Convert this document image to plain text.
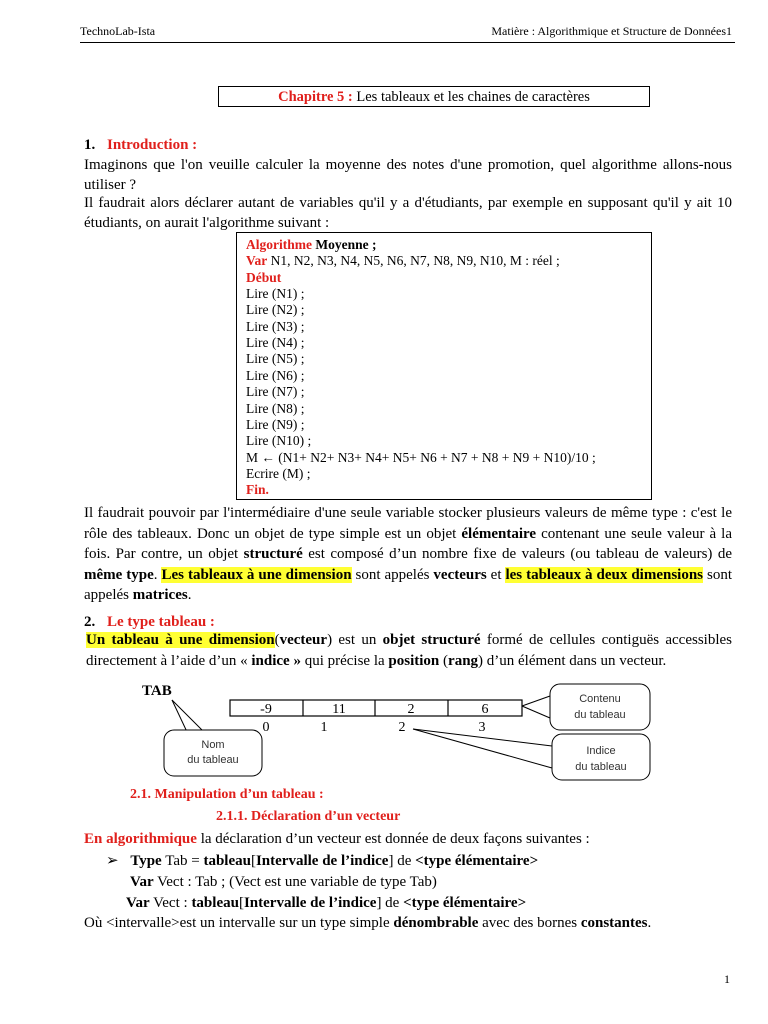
TechnoLab-Ista	Matière : Algorithmique et Structure de Données1
Chapitre 5 : Les tableaux et les chaines de caractères
1. Introduction :
Imaginons que l'on veuille calculer la moyenne des notes d'une promotion, quel algorithme allons-nous utiliser ?
Il faudrait alors déclarer autant de variables qu'il y a d'étudiants, par exemple en supposant qu'il y ait 10 étudiants, on aurait l'algorithme suivant :
Algorithme Moyenne ;
Var N1, N2, N3, N4, N5, N6, N7, N8, N9, N10, M : réel ;
Début
Lire (N1) ;
Lire (N2) ;
Lire (N3) ;
Lire (N4) ;
Lire (N5) ;
Lire (N6) ;
Lire (N7) ;
Lire (N8) ;
Lire (N9) ;
Lire (N10) ;
M ← (N1+ N2+ N3+ N4+ N5+ N6 + N7 + N8 + N9 + N10)/10 ;
Ecrire (M) ;
Fin.
Il faudrait pouvoir par l'intermédiaire d'une seule variable stocker plusieurs valeurs de même type : c'est le rôle des tableaux. Donc un objet de type simple est un objet élémentaire contenant une seule valeur à la fois. Par contre, un objet structuré est composé d’un nombre fixe de valeurs (ou tableau de valeurs) de même type. Les tableaux à une dimension sont appelés vecteurs et les tableaux à deux dimensions sont appelés matrices.
2. Le type tableau :
Un tableau à une dimension(vecteur) est un objet structuré formé de cellules contiguës accessibles directement à l’aide d’un « indice » qui précise la position (rang) d’un élément dans un vecteur.
TAB
-9	11	2	6
0	1	2	3
Nom
du tableau
Contenu
du tableau
Indice
du tableau
2.1. Manipulation d’un tableau :
2.1.1. Déclaration d’un vecteur
En algorithmique la déclaration d’un vecteur est donnée de deux façons suivantes :
➢ Type Tab = tableau[Intervalle de l’indice] de <type élémentaire>
Var Vect : Tab ; (Vect est une variable de type Tab)
Var Vect : tableau[Intervalle de l’indice] de <type élémentaire>
Où <intervalle>est un intervalle sur un type simple dénombrable avec des bornes constantes.
1
